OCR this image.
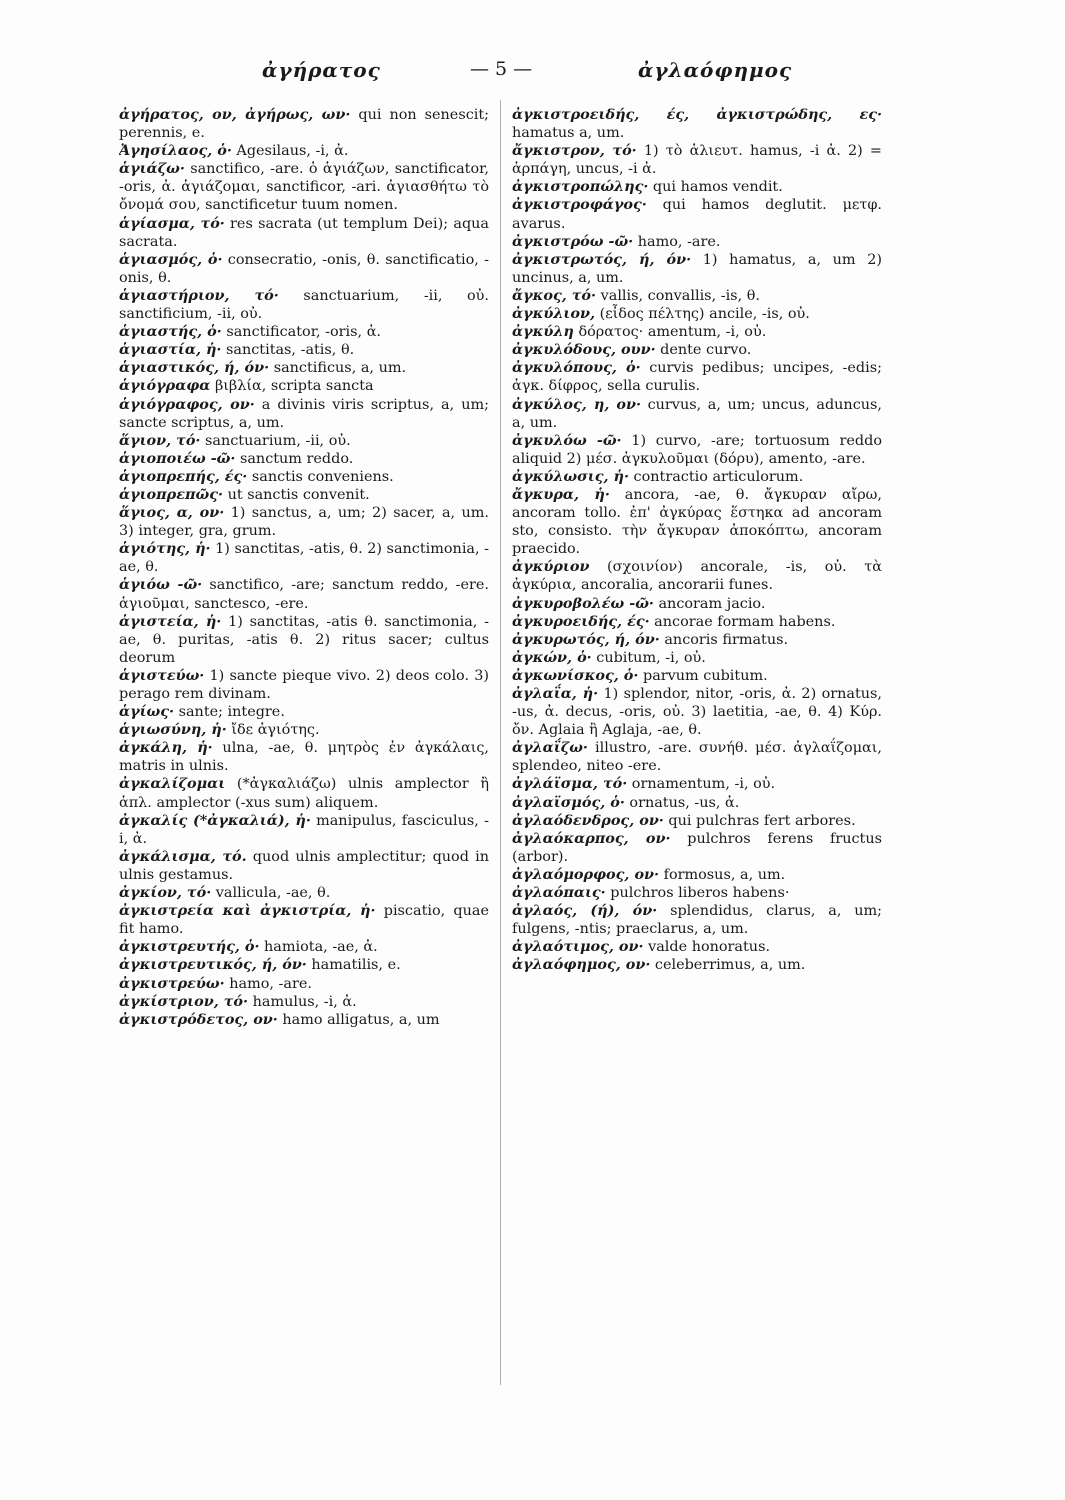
ἀγήρατος	— 5 —	ἀγλαόφημος
ἀγήρατος, ον, ἀγήρως, ων· qui non senescit; perennis, e.
Ἀγησίλαος, ὁ· Agesilaus, -i, ἀ.
ἁγιάζω· sanctifico, -are. ὁ ἁγιάζων, sanctificator, -oris, ἀ. ἁγιάζομαι, sanctificor, -ari. ἁγιασθήτω τὸ ὄνομά σου, sanctificetur tuum nomen.
ἁγίασμα, τό· res sacrata (ut templum Dei); aqua sacrata.
ἁγιασμός, ὁ· consecratio, -onis, θ. sanctificatio, -onis, θ.
ἁγιαστήριον, τό· sanctuarium, -ii, οὐ. sanctificium, -ii, οὐ.
ἁγιαστής, ὁ· sanctificator, -oris, ἀ.
ἁγιαστία, ἡ· sanctitas, -atis, θ.
ἁγιαστικός, ή, όν· sanctificus, a, um.
ἁγιόγραφα βιβλία, scripta sancta
ἁγιόγραφος, ον· a divinis viris scriptus, a, um; sancte scriptus, a, um.
ἅγιον, τό· sanctuarium, -ii, οὐ.
ἁγιοποιέω -ῶ· sanctum reddo.
ἁγιοπρεπής, ές· sanctis conveniens.
ἁγιοπρεπῶς· ut sanctis convenit.
ἅγιος, α, ον· 1) sanctus, a, um; 2) sacer, a, um. 3) integer, gra, grum.
ἁγιότης, ἡ· 1) sanctitas, -atis, θ. 2) sanctimonia, -ae, θ.
ἁγιόω -ῶ· sanctifico, -are; sanctum reddo, -ere. ἁγιοῦμαι, sanctesco, -ere.
ἁγιστεία, ἡ· 1) sanctitas, -atis θ. sanctimonia, -ae, θ. puritas, -atis θ. 2) ritus sacer; cultus deorum
ἁγιστεύω· 1) sancte pieque vivo. 2) deos colo. 3) perago rem divinam.
ἁγίως· sante; integre.
ἁγιωσύνη, ἡ· ἴδε ἁγιότης.
ἀγκάλη, ἡ· ulna, -ae, θ. μητρὸς ἐν ἀγκάλαις, matris in ulnis.
ἀγκαλίζομαι (*ἀγκαλιάζω) ulnis amplector ἢ ἁπλ. amplector (-xus sum) aliquem.
ἀγκαλίς (*ἀγκαλιά), ἡ· manipulus, fasciculus, -i, ἀ.
ἀγκάλισμα, τό. quod ulnis amplectitur; quod in ulnis gestamus.
ἀγκίον, τό· vallicula, -ae, θ.
ἀγκιστρεία καὶ ἀγκιστρία, ἡ· piscatio, quae fit hamo.
ἀγκιστρευτής, ὁ· hamiota, -ae, ἀ.
ἀγκιστρευτικός, ή, όν· hamatilis, e.
ἀγκιστρεύω· hamo, -are.
ἀγκίστριον, τό· hamulus, -i, ἀ.
ἀγκιστρόδετος, ον· hamo alligatus, a, um
ἀγκιστροειδής, ές, ἀγκιστρώδης, ες· hamatus a, um.
ἄγκιστρον, τό· 1) τὸ ἁλιευτ. hamus, -i ἀ. 2) = ἁρπάγη, uncus, -i ἀ.
ἀγκιστροπώλης· qui hamos vendit.
ἀγκιστροφάγος· qui hamos deglutit. μετφ. avarus.
ἀγκιστρόω -ῶ· hamo, -are.
ἀγκιστρωτός, ή, όν· 1) hamatus, a, um 2) uncinus, a, um.
ἄγκος, τό· vallis, convallis, -is, θ.
ἀγκύλιον, (εἶδος πέλτης) ancile, -is, οὐ.
ἀγκύλη δόρατος· amentum, -i, οὐ.
ἀγκυλόδους, ουν· dente curvo.
ἀγκυλόπους, ὁ· curvis pedibus; uncipes, -edis; ἀγκ. δίφρος, sella curulis.
ἀγκύλος, η, ον· curvus, a, um; uncus, aduncus, a, um.
ἀγκυλόω -ῶ· 1) curvo, -are; tortuosum reddo aliquid 2) μέσ. ἀγκυλοῦμαι (δόρυ), amento, -are.
ἀγκύλωσις, ἡ· contractio articulorum.
ἄγκυρα, ἡ· ancora, -ae, θ. ἄγκυραν αἴρω, ancoram tollo. ἐπ' ἀγκύρας ἕστηκα ad ancoram sto, consisto. τὴν ἄγκυραν ἀποκόπτω, ancoram praecido.
ἀγκύριον (σχοινίον) ancorale, -is, οὐ. τὰ ἀγκύρια, ancoralia, ancorarii funes.
ἀγκυροβολέω -ῶ· ancoram jacio.
ἀγκυροειδής, ές· ancorae formam habens.
ἀγκυρωτός, ή, όν· ancoris firmatus.
ἀγκών, ὁ· cubitum, -i, οὐ.
ἀγκωνίσκος, ὁ· parvum cubitum.
ἀγλαΐα, ἡ· 1) splendor, nitor, -oris, ἀ. 2) ornatus, -us, ἀ. decus, -oris, οὐ. 3) laetitia, -ae, θ. 4) Κύρ. ὄν. Aglaia ἢ Aglaja, -ae, θ.
ἀγλαΐζω· illustro, -are. συνήθ. μέσ. ἀγλαΐζομαι, splendeo, niteo -ere.
ἀγλάϊσμα, τό· ornamentum, -i, οὐ.
ἀγλαϊσμός, ὁ· ornatus, -us, ἀ.
ἀγλαόδενδρος, ον· qui pulchras fert arbores.
ἀγλαόκαρπος, ον· pulchros ferens fructus (arbor).
ἀγλαόμορφος, ον· formosus, a, um.
ἀγλαόπαις· pulchros liberos habens·
ἀγλαός, (ή), όν· splendidus, clarus, a, um; fulgens, -ntis; praeclarus, a, um.
ἀγλαότιμος, ον· valde honoratus.
ἀγλαόφημος, ον· celeberrimus, a, um.
